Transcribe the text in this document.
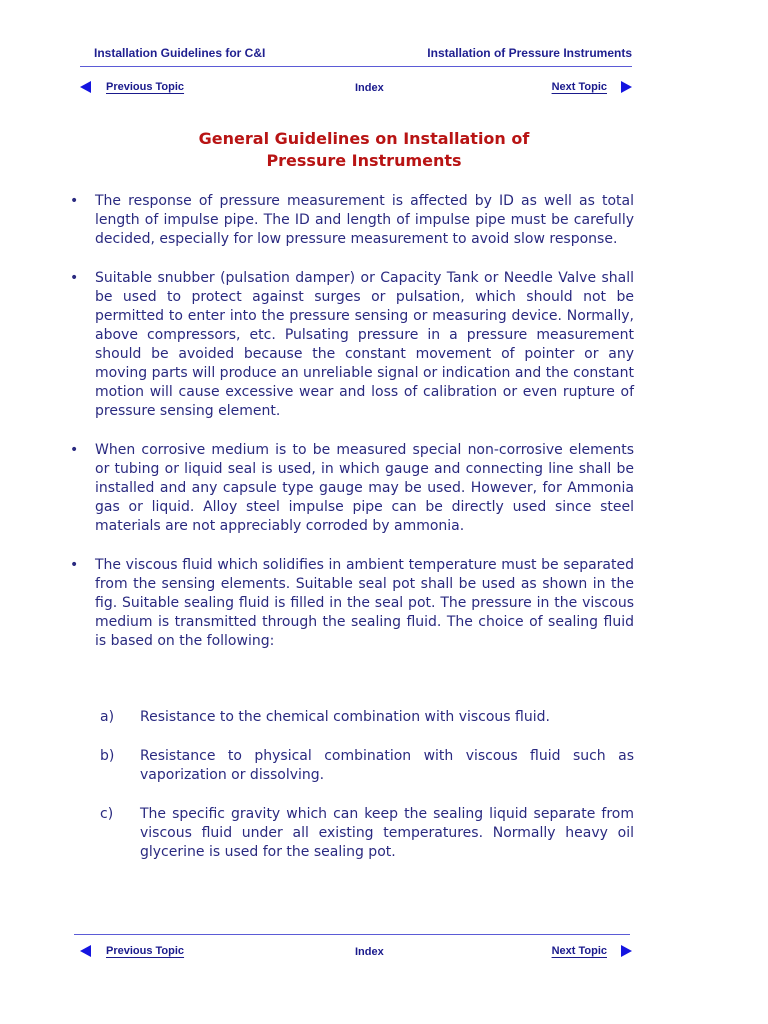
Installation Guidelines for C&I	Installation of Pressure Instruments
Previous Topic	Index	Next Topic
General Guidelines on Installation of
Pressure Instruments
• The response of pressure measurement is affected by ID as well as total length of impulse pipe. The ID and length of impulse pipe must be carefully decided, especially for low pressure measurement to avoid slow response.
• Suitable snubber (pulsation damper) or Capacity Tank or Needle Valve shall be used to protect against surges or pulsation, which should not be permitted to enter into the pressure sensing or measuring device. Normally, above compressors, etc. Pulsating pressure in a pressure measurement should be avoided because the constant movement of pointer or any moving parts will produce an unreliable signal or indication and the constant motion will cause excessive wear and loss of calibration or even rupture of pressure sensing element.
• When corrosive medium is to be measured special non-corrosive elements or tubing or liquid seal is used, in which gauge and connecting line shall be installed and any capsule type gauge may be used. However, for Ammonia gas or liquid. Alloy steel impulse pipe can be directly used since steel materials are not appreciably corroded by ammonia.
• The viscous fluid which solidifies in ambient temperature must be separated from the sensing elements. Suitable seal pot shall be used as shown in the fig. Suitable sealing fluid is filled in the seal pot. The pressure in the viscous medium is transmitted through the sealing fluid. The choice of sealing fluid is based on the following:
a) Resistance to the chemical combination with viscous fluid.
b) Resistance to physical combination with viscous fluid such as vaporization or dissolving.
c) The specific gravity which can keep the sealing liquid separate from viscous fluid under all existing temperatures. Normally heavy oil glycerine is used for the sealing pot.
Previous Topic	Index	Next Topic
